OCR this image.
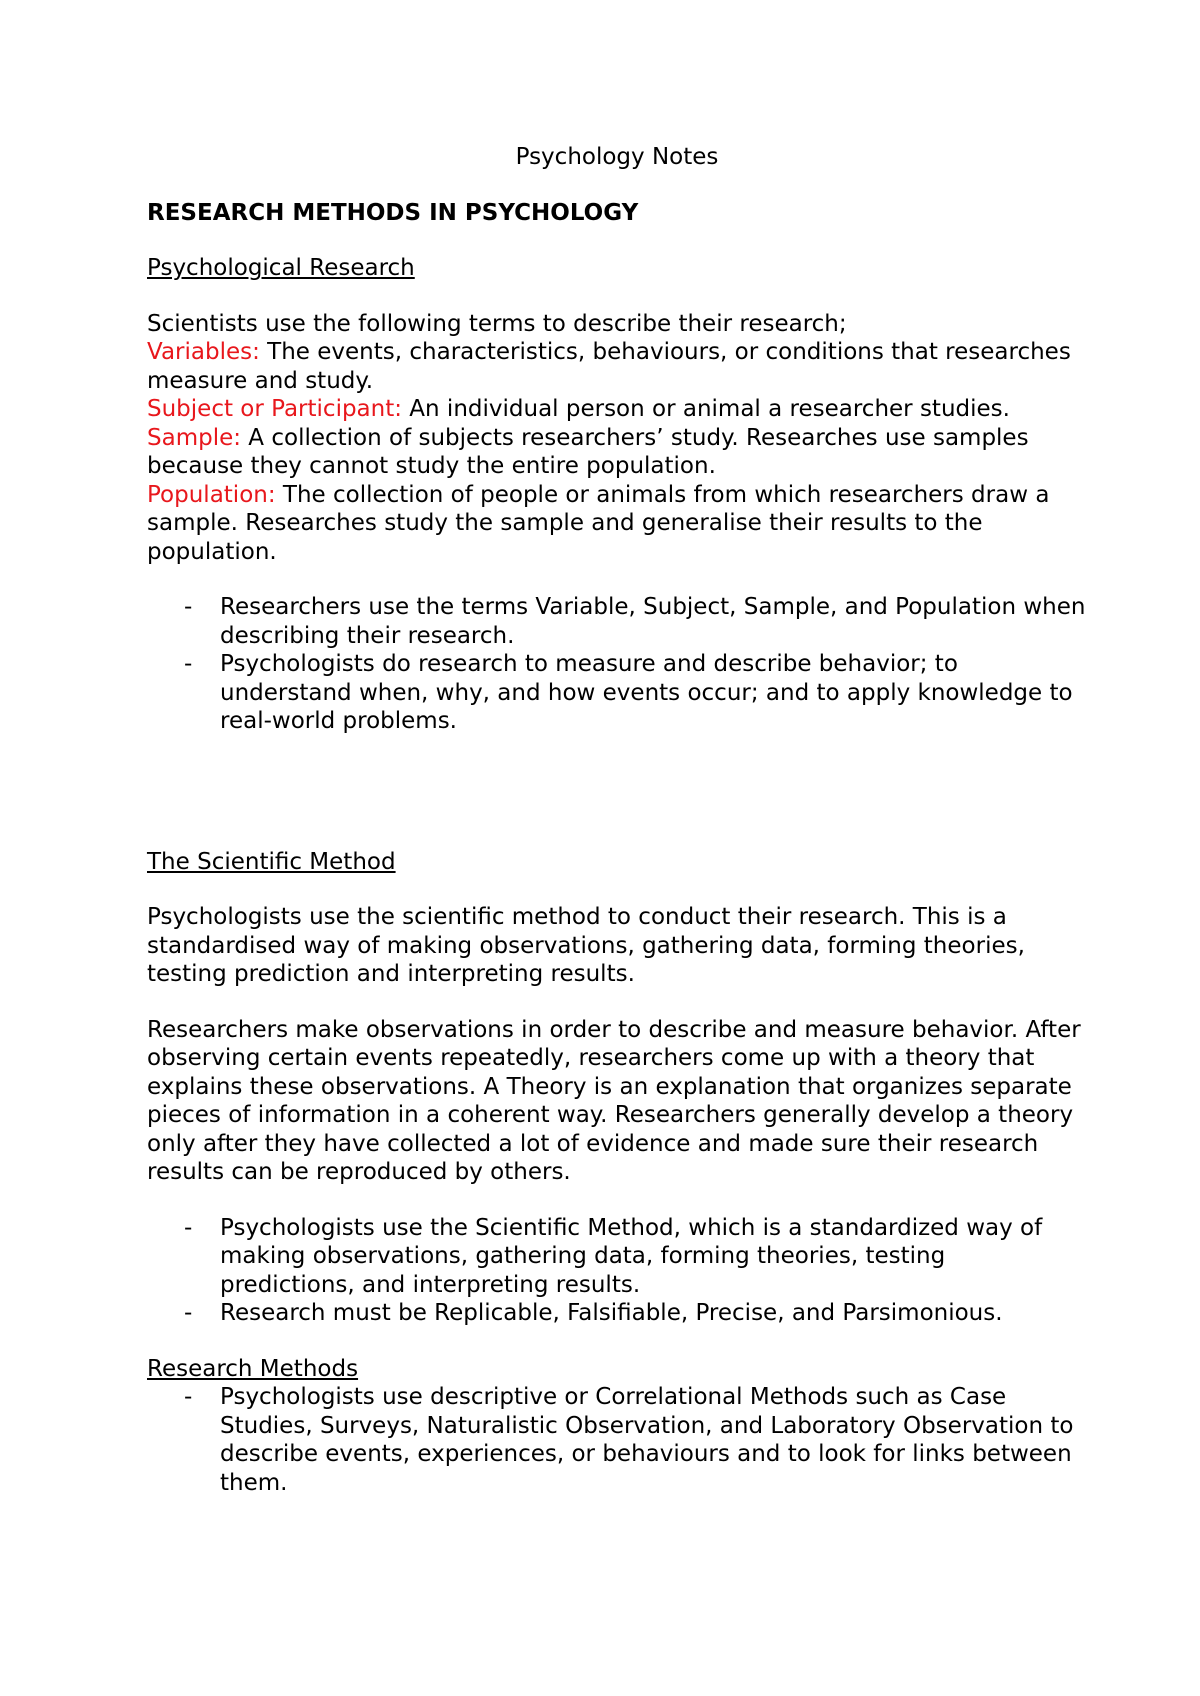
Psychology Notes
RESEARCH METHODS IN PSYCHOLOGY
Psychological Research

Scientists use the following terms to describe their research;

Variables: The events, characteristics, behaviours, or conditions that researches measure and study.

Subject or Participant: An individual person or animal a researcher studies.

Sample: A collection of subjects researchers’ study. Researches use samples because they cannot study the entire population.

Population: The collection of people or animals from which researchers draw a sample. Researches study the sample and generalise their results to the population.

- Researchers use the terms Variable, Subject, Sample, and Population when describing their research.
- Psychologists do research to measure and describe behavior; to understand when, why, and how events occur; and to apply knowledge to real-world problems.
The Scientific Method

Psychologists use the scientific method to conduct their research. This is a standardised way of making observations, gathering data, forming theories, testing prediction and interpreting results.

Researchers make observations in order to describe and measure behavior. After observing certain events repeatedly, researchers come up with a theory that explains these observations. A Theory is an explanation that organizes separate pieces of information in a coherent way. Researchers generally develop a theory only after they have collected a lot of evidence and made sure their research results can be reproduced by others.

- Psychologists use the Scientific Method, which is a standardized way of making observations, gathering data, forming theories, testing predictions, and interpreting results.
- Research must be Replicable, Falsifiable, Precise, and Parsimonious.
Research Methods
- Psychologists use descriptive or Correlational Methods such as Case Studies, Surveys, Naturalistic Observation, and Laboratory Observation to describe events, experiences, or behaviours and to look for links between them.
